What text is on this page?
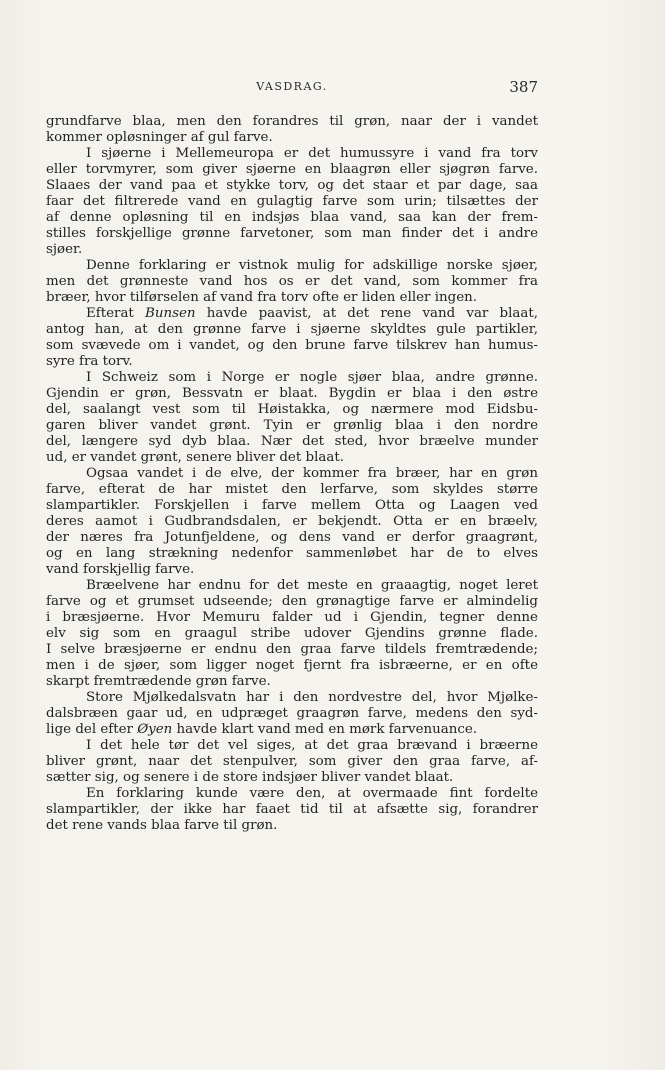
VASDRAG.	387
grundfarve blaa, men den forandres til grøn, naar der i vandet
kommer opløsninger af gul farve.
I sjøerne i Mellemeuropa er det humussyre i vand fra torv
eller torvmyrer, som giver sjøerne en blaagrøn eller sjøgrøn farve.
Slaaes der vand paa et stykke torv, og det staar et par dage, saa
faar det filtrerede vand en gulagtig farve som urin; tilsættes der
af denne opløsning til en indsjøs blaa vand, saa kan der frem-
stilles forskjellige grønne farvetoner, som man finder det i andre
sjøer.
Denne forklaring er vistnok mulig for adskillige norske sjøer,
men det grønneste vand hos os er det vand, som kommer fra
bræer, hvor tilførselen af vand fra torv ofte er liden eller ingen.
Efterat Bunsen havde paavist, at det rene vand var blaat,
antog han, at den grønne farve i sjøerne skyldtes gule partikler,
som svævede om i vandet, og den brune farve tilskrev han humus-
syre fra torv.
I Schweiz som i Norge er nogle sjøer blaa, andre grønne.
Gjendin er grøn, Bessvatn er blaat. Bygdin er blaa i den østre
del, saalangt vest som til Høistakka, og nærmere mod Eidsbu-
garen bliver vandet grønt. Tyin er grønlig blaa i den nordre
del, længere syd dyb blaa. Nær det sted, hvor bræelve munder
ud, er vandet grønt, senere bliver det blaat.
Ogsaa vandet i de elve, der kommer fra bræer, har en grøn
farve, efterat de har mistet den lerfarve, som skyldes større
slampartikler. Forskjellen i farve mellem Otta og Laagen ved
deres aamot i Gudbrandsdalen, er bekjendt. Otta er en bræelv,
der næres fra Jotunfjeldene, og dens vand er derfor graagrønt,
og en lang strækning nedenfor sammenløbet har de to elves
vand forskjellig farve.
Bræelvene har endnu for det meste en graaagtig, noget leret
farve og et grumset udseende; den grønagtige farve er almindelig
i bræsjøerne. Hvor Memuru falder ud i Gjendin, tegner denne
elv sig som en graagul stribe udover Gjendins grønne flade.
I selve bræsjøerne er endnu den graa farve tildels fremtrædende;
men i de sjøer, som ligger noget fjernt fra isbræerne, er en ofte
skarpt fremtrædende grøn farve.
Store Mjølkedalsvatn har i den nordvestre del, hvor Mjølke-
dalsbræen gaar ud, en udpræget graagrøn farve, medens den syd-
lige del efter Øyen havde klart vand med en mørk farvenuance.
I det hele tør det vel siges, at det graa brævand i bræerne
bliver grønt, naar det stenpulver, som giver den graa farve, af-
sætter sig, og senere i de store indsjøer bliver vandet blaat.
En forklaring kunde være den, at overmaade fint fordelte
slampartikler, der ikke har faaet tid til at afsætte sig, forandrer
det rene vands blaa farve til grøn.
